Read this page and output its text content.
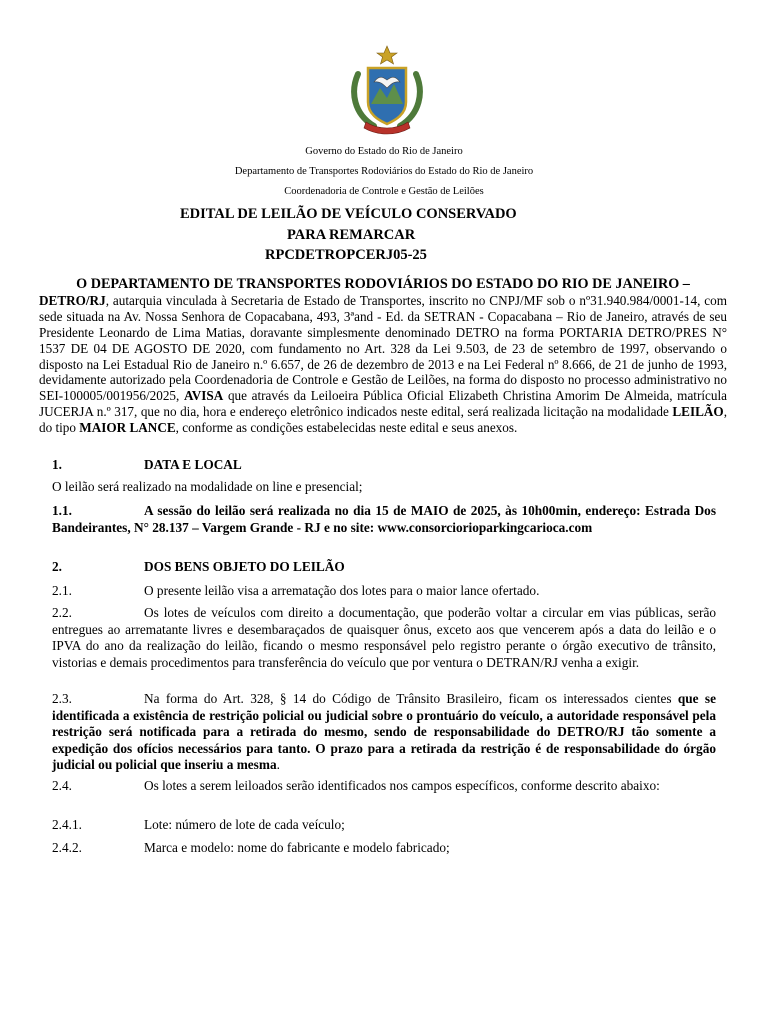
Governo do Estado do Rio de Janeiro
Departamento de Transportes Rodoviários do Estado do Rio de Janeiro
Coordenadoria de Controle e Gestão de Leilões
EDITAL DE LEILÃO DE VEÍCULO CONSERVADO
PARA REMARCAR
RPCDETROPCERJ05-25
O DEPARTAMENTO DE TRANSPORTES RODOVIÁRIOS DO ESTADO DO RIO DE JANEIRO –
DETRO/RJ, autarquia vinculada à Secretaria de Estado de Transportes, inscrito no CNPJ/MF sob o nº31.940.984/0001-14, com sede situada na Av. Nossa Senhora de Copacabana, 493, 3ªand - Ed. da SETRAN - Copacabana – Rio de Janeiro, através de seu Presidente Leonardo de Lima Matias, doravante simplesmente denominado DETRO na forma PORTARIA DETRO/PRES N° 1537 DE 04 DE AGOSTO DE 2020, com fundamento no Art. 328 da Lei 9.503, de 23 de setembro de 1997, observando o disposto na Lei Estadual Rio de Janeiro n.º 6.657, de 26 de dezembro de 2013 e na Lei Federal nº 8.666, de 21 de junho de 1993, devidamente autorizado pela Coordenadoria de Controle e Gestão de Leilões, na forma do disposto no processo administrativo no SEI-100005/001956/2025, AVISA que através da Leiloeira Pública Oficial Elizabeth Christina Amorim De Almeida, matrícula JUCERJA n.º 317, que no dia, hora e endereço eletrônico indicados neste edital, será realizada licitação na modalidade LEILÃO, do tipo MAIOR LANCE, conforme as condições estabelecidas neste edital e seus anexos.
1.	DATA E LOCAL

O leilão será realizado na modalidade on line e presencial;
1.1.	A sessão do leilão será realizada no dia 15 de MAIO de 2025, às 10h00min, endereço: Estrada Dos Bandeirantes, N° 28.137 – Vargem Grande - RJ e no site: www.consorciorioparkingcarioca.com
2.	DOS BENS OBJETO DO LEILÃO

2.1.	O presente leilão visa a arrematação dos lotes para o maior lance ofertado.
2.2.	Os lotes de veículos com direito a documentação, que poderão voltar a circular em vias públicas, serão entregues ao arrematante livres e desembaraçados de quaisquer ônus, exceto aos que vencerem após a data do leilão e o IPVA do ano da realização do leilão, ficando o mesmo responsável pelo registro perante o órgão executivo de trânsito, vistorias e demais procedimentos para transferência do veículo que por ventura o DETRAN/RJ venha a exigir.
2.3.	Na forma do Art. 328, § 14 do Código de Trânsito Brasileiro, ficam os interessados cientes que se identificada a existência de restrição policial ou judicial sobre o prontuário do veículo, a autoridade responsável pela restrição será notificada para a retirada do mesmo, sendo de responsabilidade do DETRO/RJ tão somente a expedição dos ofícios necessários para tanto. O prazo para a retirada da restrição é de responsabilidade do órgão judicial ou policial que inseriu a mesma.
2.4.	Os lotes a serem leiloados serão identificados nos campos específicos, conforme descrito abaixo:
2.4.1.	Lote: número de lote de cada veículo;
2.4.2.	Marca e modelo: nome do fabricante e modelo fabricado;
